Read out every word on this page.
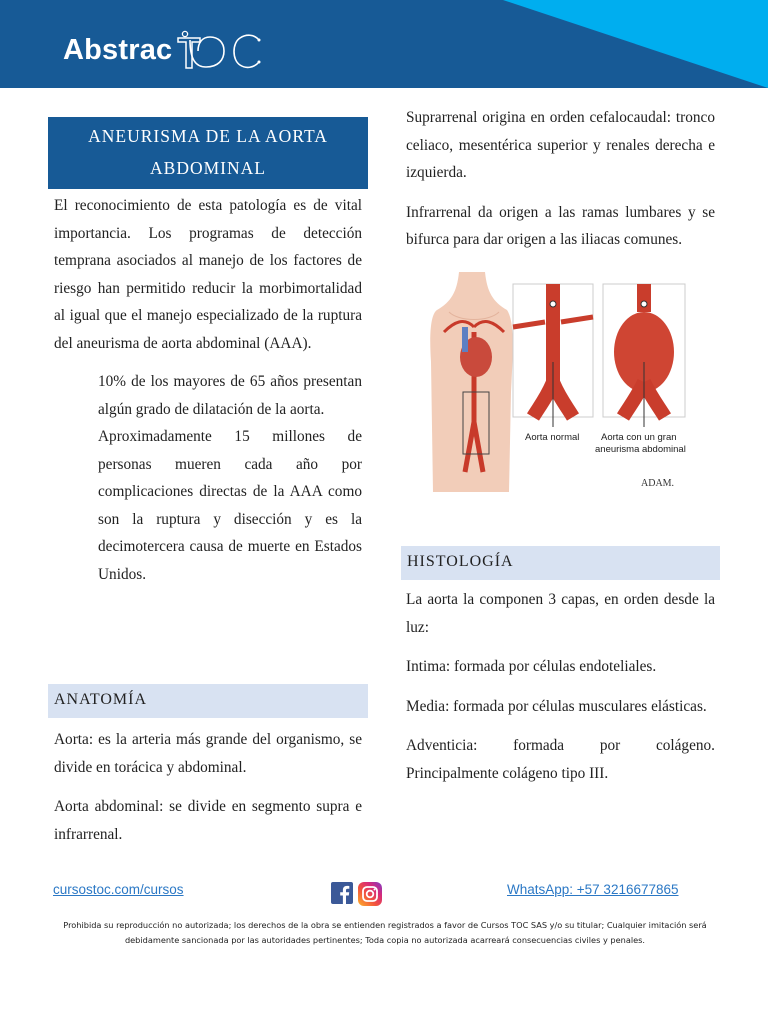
Abstrac
ANEURISMA DE LA AORTA ABDOMINAL

El reconocimiento de esta patología es de vital importancia. Los programas de detección temprana asociados al manejo de los factores de riesgo han permitido reducir la morbimortalidad al igual que el manejo especializado de la ruptura del aneurisma de aorta abdominal (AAA).

10% de los mayores de 65 años presentan algún grado de dilatación de la aorta.

Aproximadamente 15 millones de personas mueren cada año por complicaciones directas de la AAA como son la ruptura y disección y es la decimotercera causa de muerte en Estados Unidos.

ANATOMÍA

Aorta: es la arteria más grande del organismo, se divide en torácica y abdominal.

Aorta abdominal: se divide en segmento supra e infrarrenal.

Suprarrenal origina en orden cefalocaudal: tronco celiaco, mesentérica superior y renales derecha e izquierda.

Infrarrenal da origen a las ramas lumbares y se bifurca para dar origen a las iliacas comunes.

Aorta normal Aorta con un gran
aneurisma abdominal
ADAM.
HISTOLOGÍA

La aorta la componen 3 capas, en orden desde la luz:

Intima: formada por células endoteliales.

Media: formada por células musculares elásticas.

Adventicia: formada por colágeno. Principalmente colágeno tipo III.

cursostoc.com/cursos	WhatsApp: +57 3216677865
Prohibida su reproducción no autorizada; los derechos de la obra se entienden registrados a favor de Cursos TOC SAS y/o su titular; Cualquier imitación será
debidamente sancionada por las autoridades pertinentes; Toda copia no autorizada acarreará consecuencias civiles y penales.
